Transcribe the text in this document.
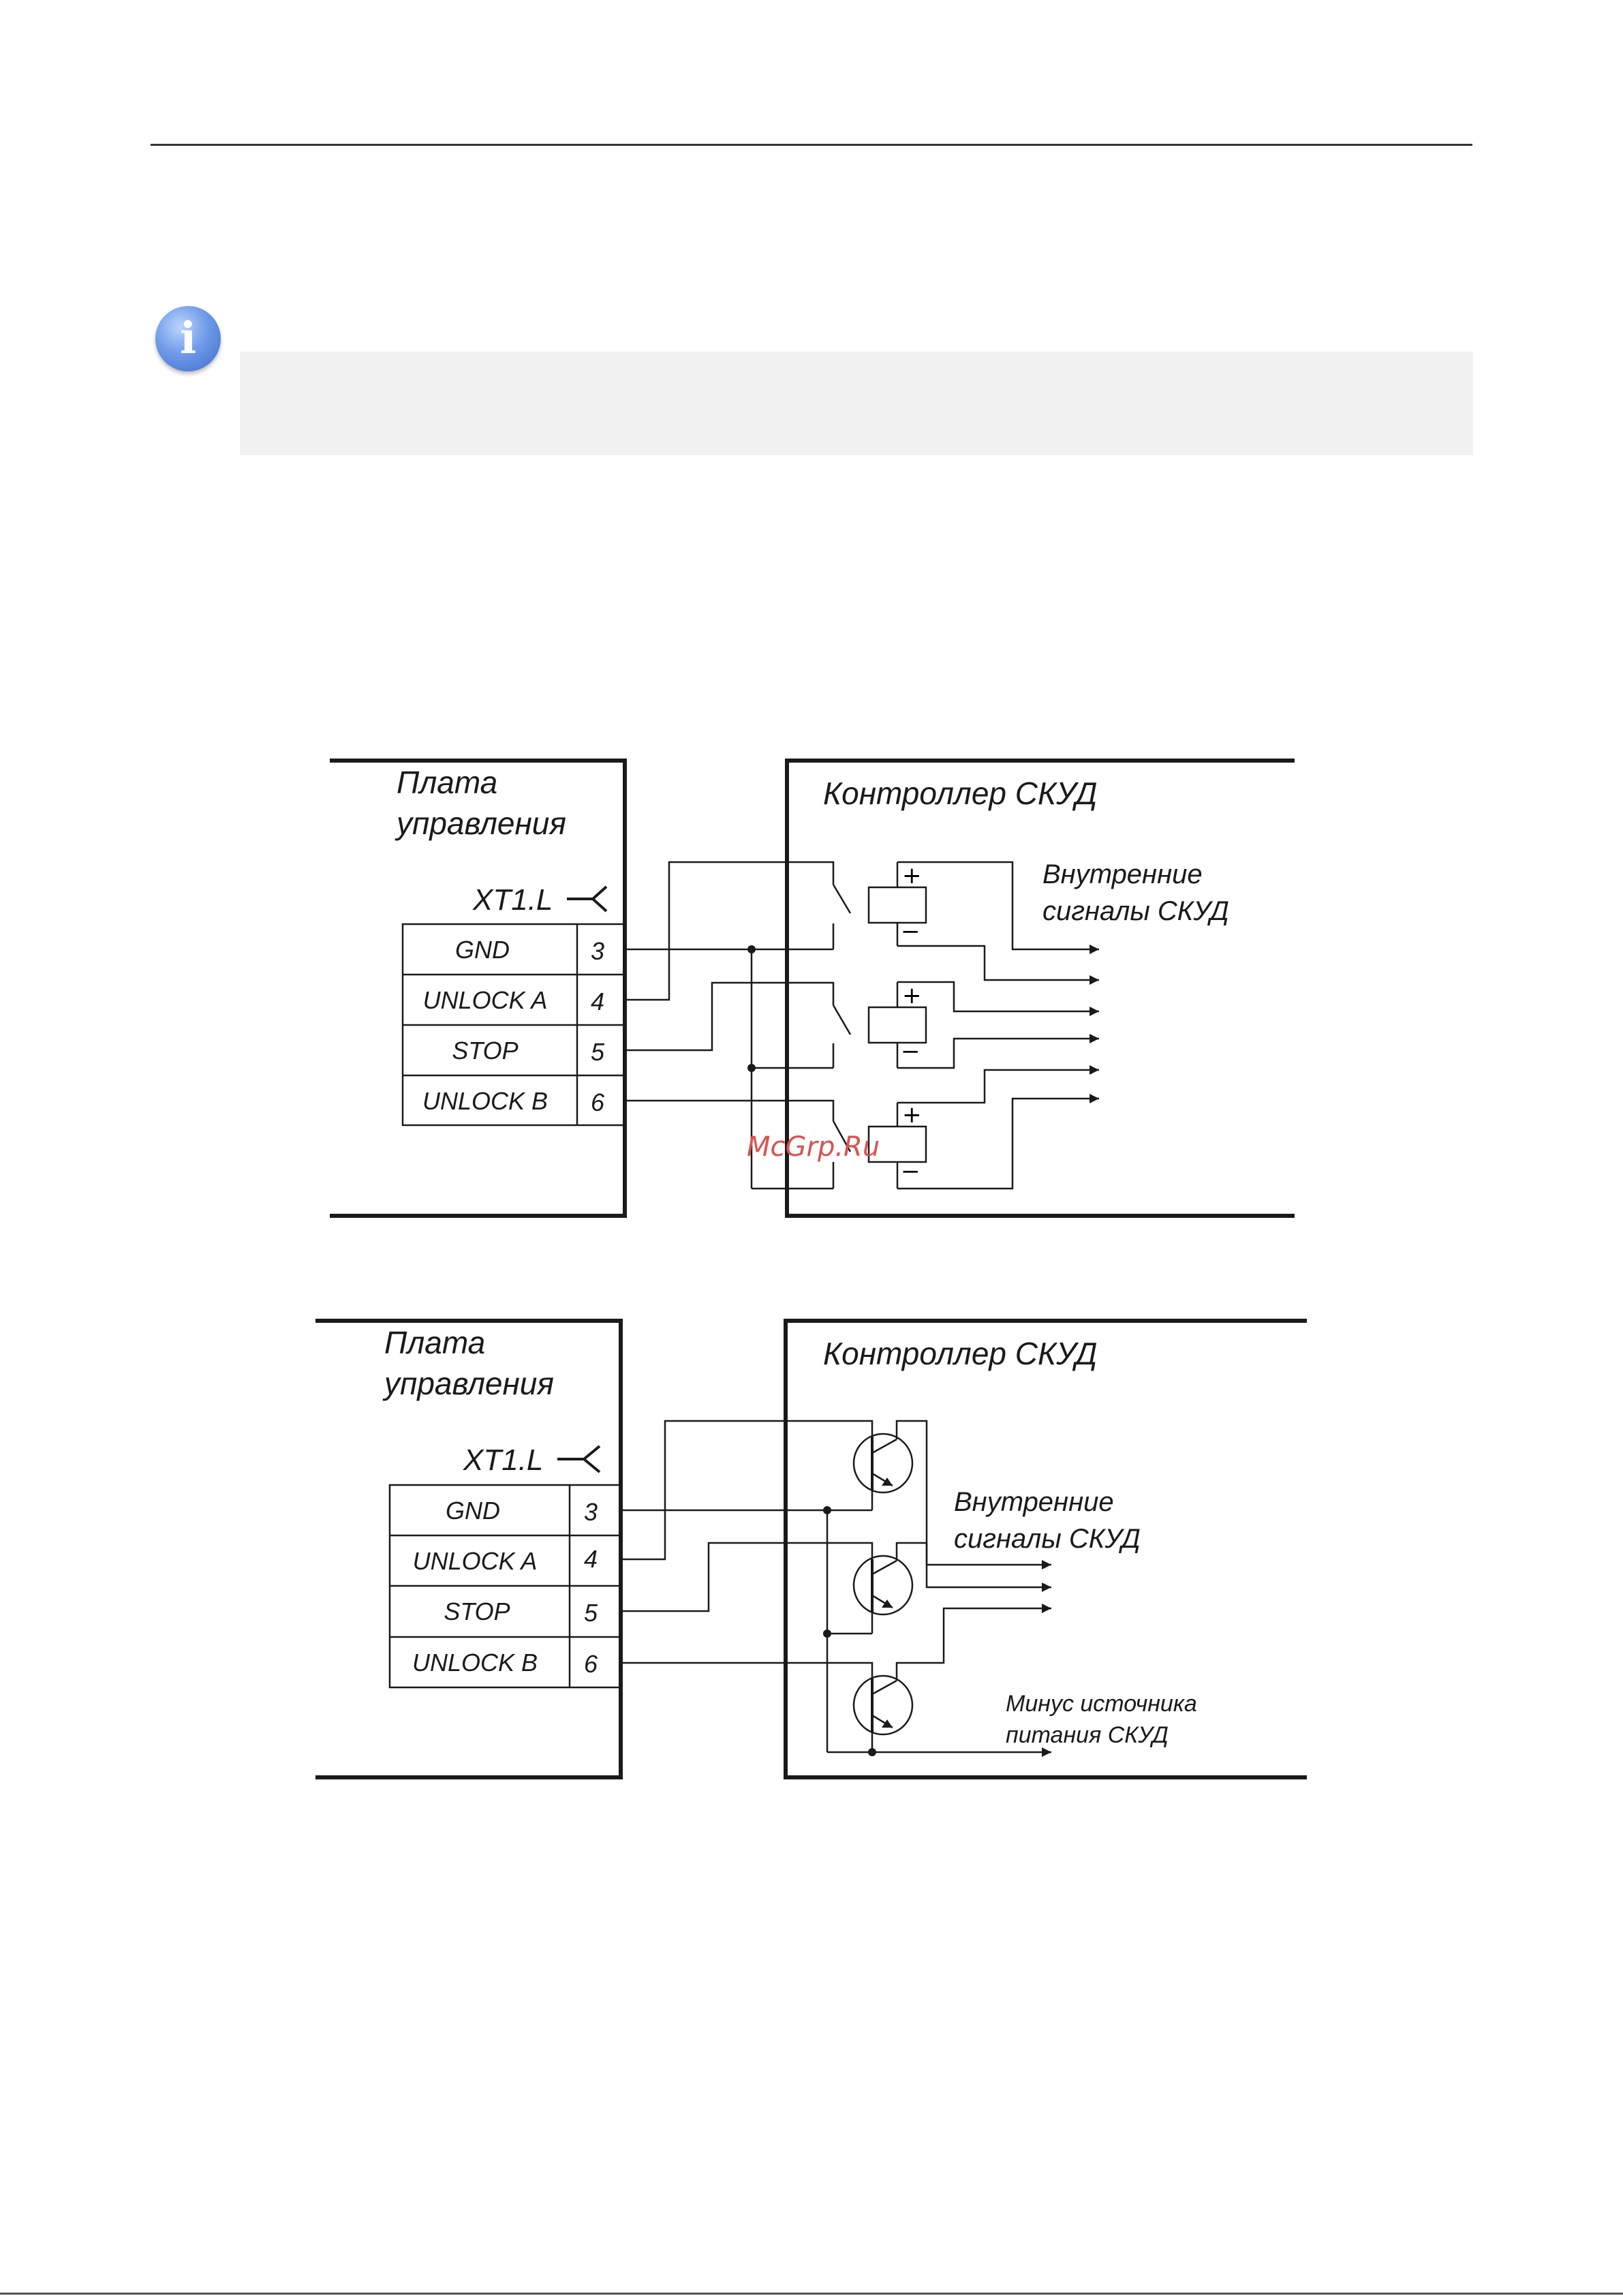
i
Плата
управления
XT1.L
GND
UNLOCK A
STOP
UNLOCK B
3
4
5
6
Контроллер СКУД
Внутренние
сигналы СКУД
+
−
+
−
+
−
McGrp.Ru
Плата
управления
XT1.L
GND
UNLOCK A
STOP
UNLOCK B
3
4
5
6
Контроллер СКУД
Внутренние
сигналы СКУД
Минус источника
питания СКУД
